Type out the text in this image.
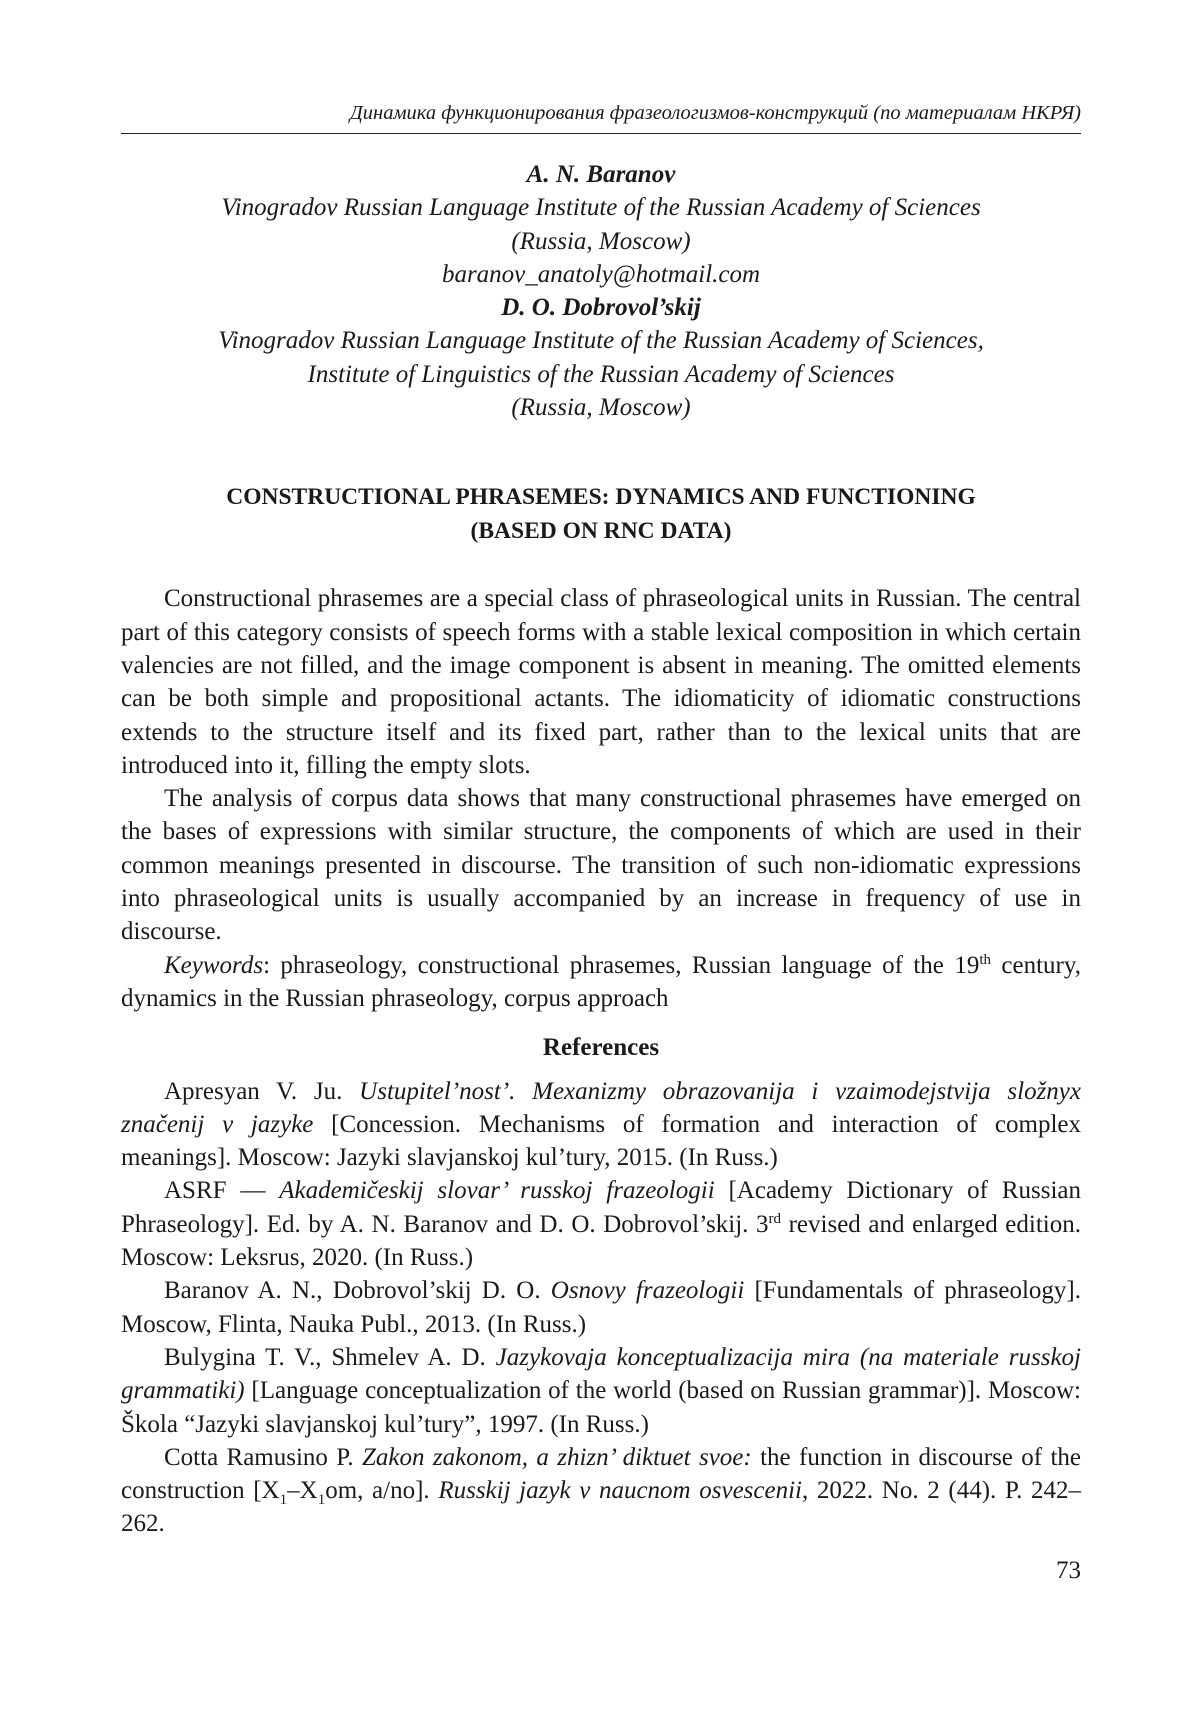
Динамика функционирования фразеологизмов-конструкций (по материалам НКРЯ)
A. N. Baranov
Vinogradov Russian Language Institute of the Russian Academy of Sciences
(Russia, Moscow)
baranov_anatoly@hotmail.com
D. O. Dobrovol’skij
Vinogradov Russian Language Institute of the Russian Academy of Sciences,
Institute of Linguistics of the Russian Academy of Sciences
(Russia, Moscow)
CONSTRUCTIONAL PHRASEMES: DYNAMICS AND FUNCTIONING
(BASED ON RNC DATA)

Constructional phrasemes are a special class of phraseological units in Russian. The central part of this category consists of speech forms with a stable lexical composition in which certain valencies are not filled, and the image component is absent in meaning. The omitted elements can be both simple and propositional actants. The idiomaticity of idiomatic constructions extends to the structure itself and its fixed part, rather than to the lexical units that are introduced into it, filling the empty slots.

The analysis of corpus data shows that many constructional phrasemes have emerged on the bases of expressions with similar structure, the components of which are used in their common meanings presented in discourse. The transition of such non-idiomatic expressions into phraseological units is usually accompanied by an increase in frequency of use in discourse.

Keywords: phraseology, constructional phrasemes, Russian language of the 19th century, dynamics in the Russian phraseology, corpus approach

References

Apresyan V. Ju. Ustupitel’nost’. Mexanizmy obrazovanija i vzaimodejstvija složnyx značenij v jazyke [Concession. Mechanisms of formation and interaction of complex meanings]. Moscow: Jazyki slavjanskoj kul’tury, 2015. (In Russ.)

ASRF — Akademičeskij slovar’ russkoj frazeologii [Academy Dictionary of Russian Phraseology]. Ed. by A. N. Baranov and D. O. Dobrovol’skij. 3rd revised and enlarged edition. Moscow: Leksrus, 2020. (In Russ.)

Baranov A. N., Dobrovol’skij D. O. Osnovy frazeologii [Fundamentals of phraseology]. Moscow, Flinta, Nauka Publ., 2013. (In Russ.)

Bulygina T. V., Shmelev A. D. Jazykovaja konceptualizacija mira (na materiale russkoj grammatiki) [Language conceptualization of the world (based on Russian grammar)]. Moscow: Škola “Jazyki slavjanskoj kul’tury”, 1997. (In Russ.)

Cotta Ramusino P. Zakon zakonom, a zhizn’ diktuet svoe: the function in discourse of the construction [$X_1-X_1om$, a/no]. Russkij jazyk v naucnom osvescenii, 2022. No. 2 (44). P. 242–262.

73
